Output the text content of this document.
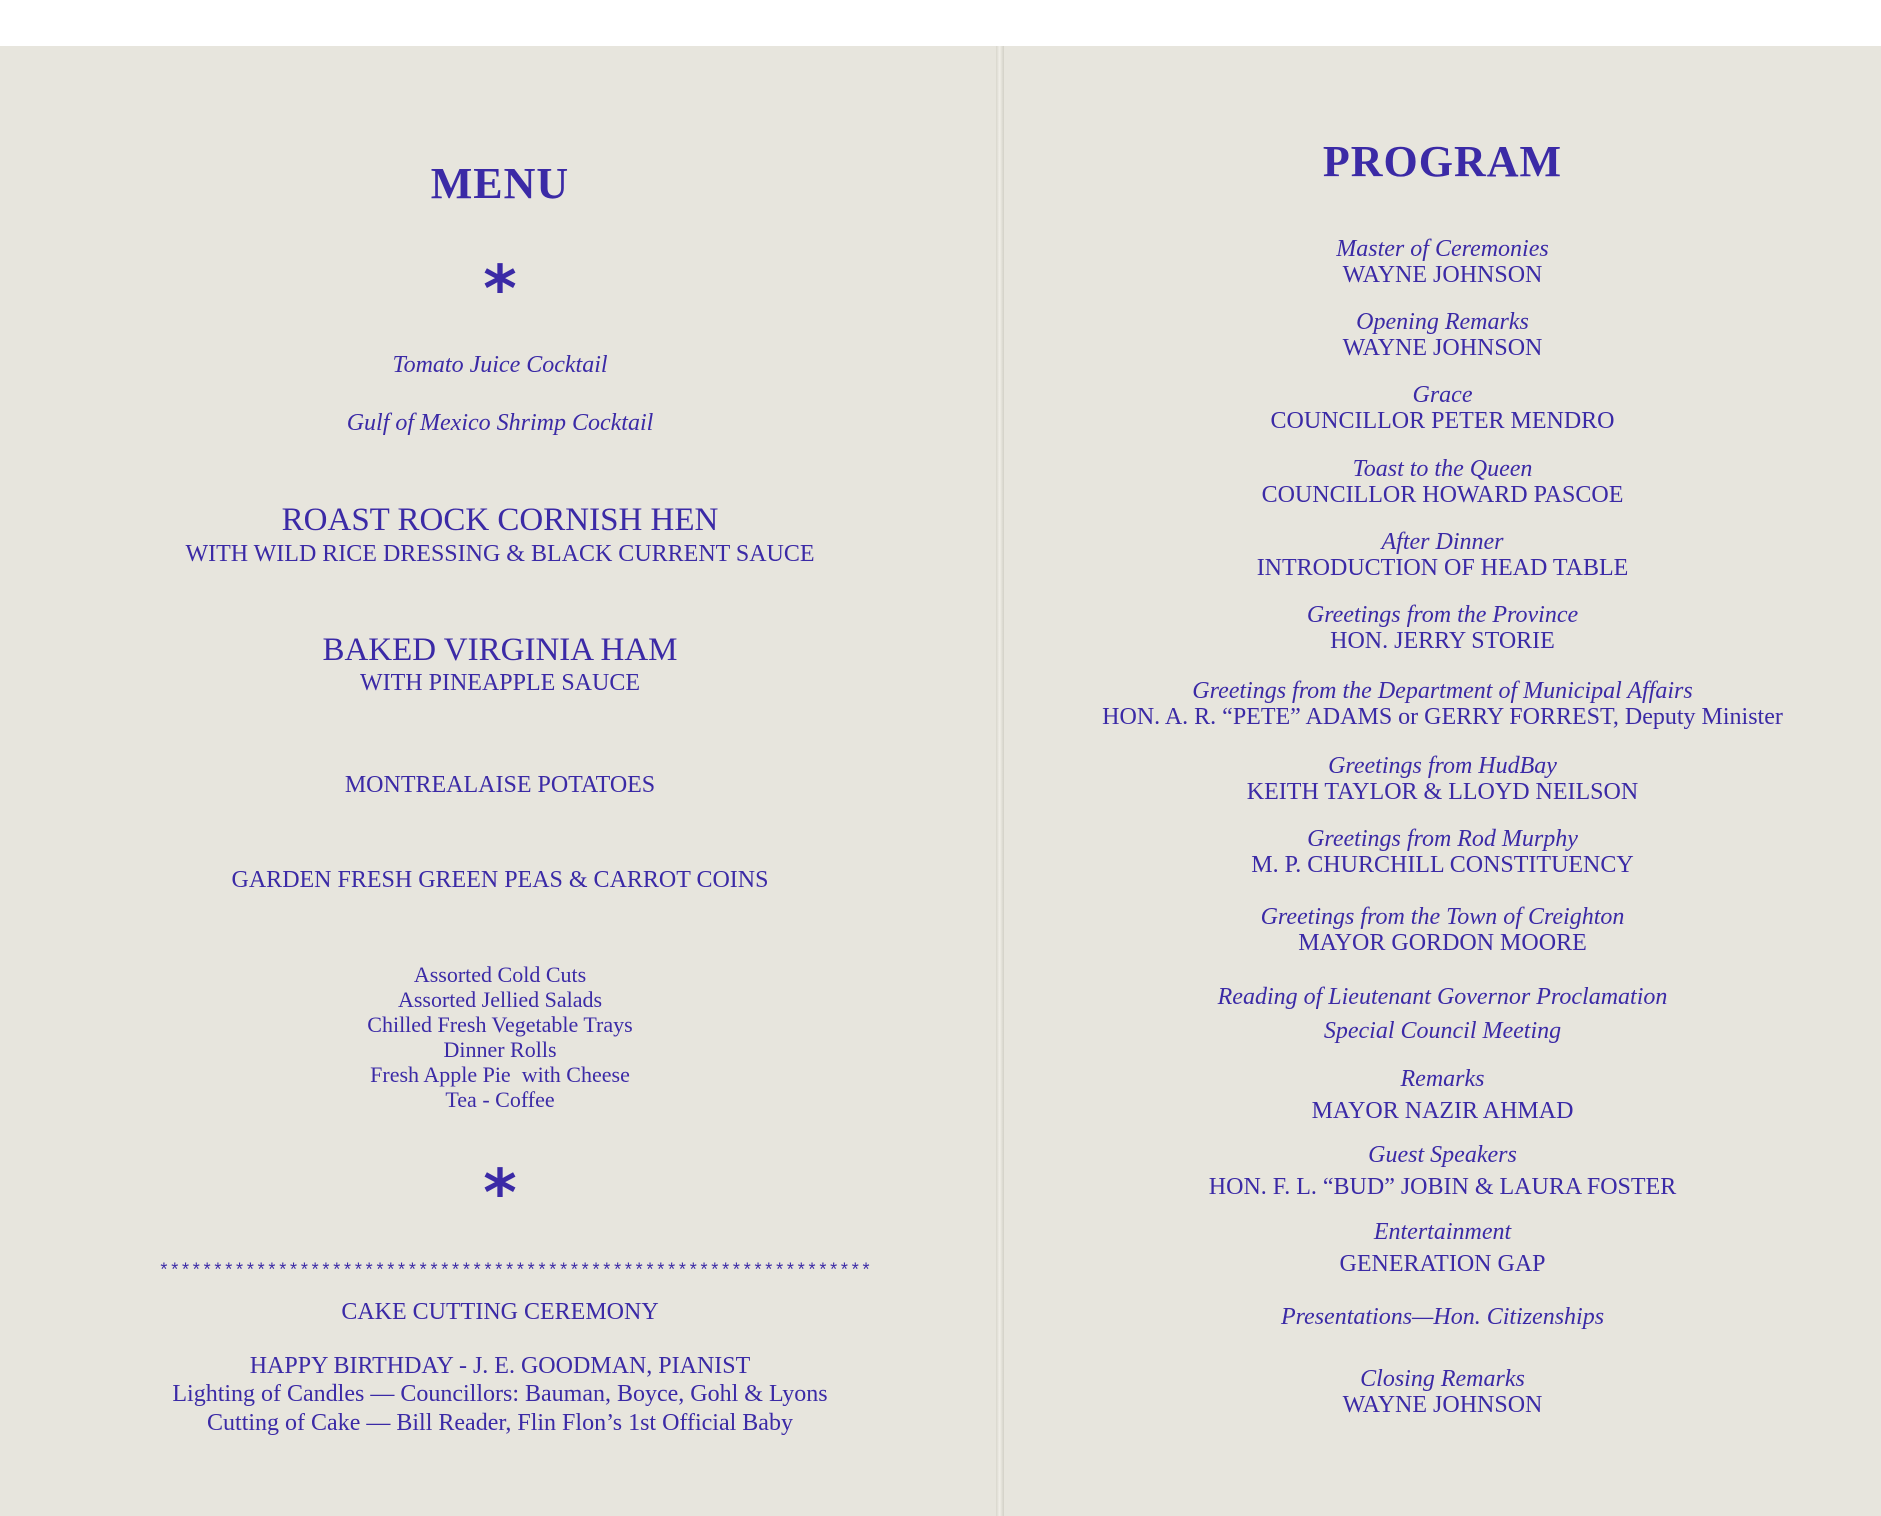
MENU
*
Tomato Juice Cocktail
Gulf of Mexico Shrimp Cocktail
ROAST ROCK CORNISH HEN
WITH WILD RICE DRESSING & BLACK CURRENT SAUCE
BAKED VIRGINIA HAM
WITH PINEAPPLE SAUCE
MONTREALAISE POTATOES
GARDEN FRESH GREEN PEAS & CARROT COINS
Assorted Cold Cuts
Assorted Jellied Salads
Chilled Fresh Vegetable Trays
Dinner Rolls
Fresh Apple Pie  with Cheese
Tea - Coffee
*
******************************************************************
CAKE CUTTING CEREMONY
HAPPY BIRTHDAY - J. E. GOODMAN, PIANIST
Lighting of Candles — Councillors: Bauman, Boyce, Gohl & Lyons
Cutting of Cake — Bill Reader, Flin Flon’s 1st Official Baby
PROGRAM
Master of Ceremonies
WAYNE JOHNSON
Opening Remarks
WAYNE JOHNSON
Grace
COUNCILLOR PETER MENDRO
Toast to the Queen
COUNCILLOR HOWARD PASCOE
After Dinner
INTRODUCTION OF HEAD TABLE
Greetings from the Province
HON. JERRY STORIE
Greetings from the Department of Municipal Affairs
HON. A. R. “PETE” ADAMS or GERRY FORREST, Deputy Minister
Greetings from HudBay
KEITH TAYLOR & LLOYD NEILSON
Greetings from Rod Murphy
M. P. CHURCHILL CONSTITUENCY
Greetings from the Town of Creighton
MAYOR GORDON MOORE
Reading of Lieutenant Governor Proclamation
Special Council Meeting
Remarks
MAYOR NAZIR AHMAD
Guest Speakers
HON. F. L. “BUD” JOBIN & LAURA FOSTER
Entertainment
GENERATION GAP
Presentations—Hon. Citizenships
Closing Remarks
WAYNE JOHNSON
